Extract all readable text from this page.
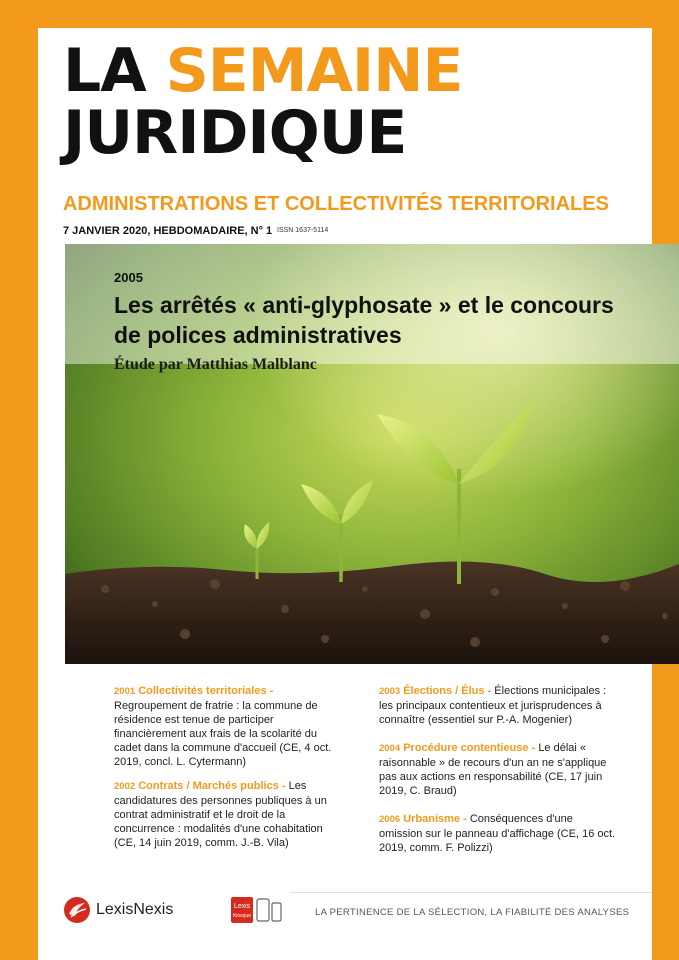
LA SEMAINE
JURIDIQUE
ADMINISTRATIONS ET COLLECTIVITÉS TERRITORIALES
7 JANVIER 2020, HEBDOMADAIRE, N° 1 ISSN 1637-5114
2005
Les arrêtés « anti-glyphosate » et le concours de polices administratives
Étude par Matthias Malblanc

2001 Collectivités territoriales - Regroupement de fratrie : la commune de résidence est tenue de participer financièrement aux frais de la scolarité du cadet dans la commune d'accueil (CE, 4 oct. 2019, concl. L. Cytermann)

2002 Contrats / Marchés publics - Les candidatures des personnes publiques à un contrat administratif et le droit de la concurrence : modalités d'une cohabitation (CE, 14 juin 2019, comm. J.-B. Vila)

2003 Élections / Élus - Élections municipales : les principaux contentieux et jurisprudences à connaître (essentiel sur P.-A. Mogenier)

2004 Procédure contentieuse - Le délai « raisonnable » de recours d'un an ne s'applique pas aux actions en responsabilité (CE, 17 juin 2019, C. Braud)

2006 Urbanisme - Conséquences d'une omission sur le panneau d'affichage (CE, 16 oct. 2019, comm. F. Polizzi)

LexisNexis	Lexis
Kiosque	LA PERTINENCE DE LA SÉLECTION, LA FIABILITÉ DES ANALYSES
